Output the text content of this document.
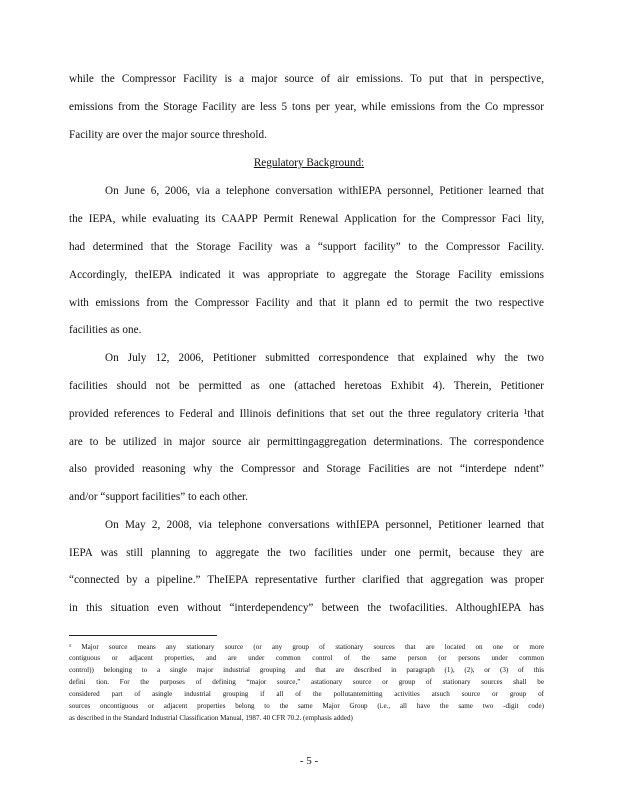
while the Compressor Facility is a major source of air emissions. To put that in perspective,
emissions from the Storage Facility are less 5 tons per year, while emissions from the Co mpressor
Facility are over the major source threshold.
Regulatory Background:
On June 6, 2006, via a telephone conversation withIEPA personnel, Petitioner learned that
the IEPA, while evaluating its CAAPP Permit Renewal Application for the Compressor Faci lity,
had determined that the Storage Facility was a “support facility” to the Compressor Facility.
Accordingly, theIEPA indicated it was appropriate to aggregate the Storage Facility emissions
with emissions from the Compressor Facility and that it plann ed to permit the two respective
facilities as one.
On July 12, 2006, Petitioner submitted correspondence that explained why the two
facilities should not be permitted as one (attached heretoas Exhibit 4). Therein, Petitioner
provided references to Federal and Illinois definitions that set out the three regulatory criteria ¹that
are to be utilized in major source air permittingaggregation determinations. The correspondence
also provided reasoning why the Compressor and Storage Facilities are not “interdepe ndent”
and/or “support facilities” to each other.
On May 2, 2008, via telephone conversations withIEPA personnel, Petitioner learned that
IEPA was still planning to aggregate the two facilities under one permit, because they are
“connected by a pipeline.” TheIEPA representative further clarified that aggregation was proper
in this situation even without “interdependency” between the twofacilities. AlthoughIEPA has
¹ Major source means any stationary source (or any group of stationary sources that are located on one or more
contiguous or adjacent properties, and are under common control of the same person (or persons under common
control)) belonging to a single major industrial grouping and that are described in paragraph (1), (2), or (3) of this
defini tion. For the purposes of defining “major source,” astationary source or group of stationary sources shall be
considered part of asingle industrial grouping if all of the pollutantemitting activities atsuch source or group of
sources oncontiguous or adjacent properties belong to the same Major Group (i.e., all have the same two -digit code)
as described in the Standard Industrial Classification Manual, 1987. 40 CFR 70.2. (emphasis added)
- 5 -
